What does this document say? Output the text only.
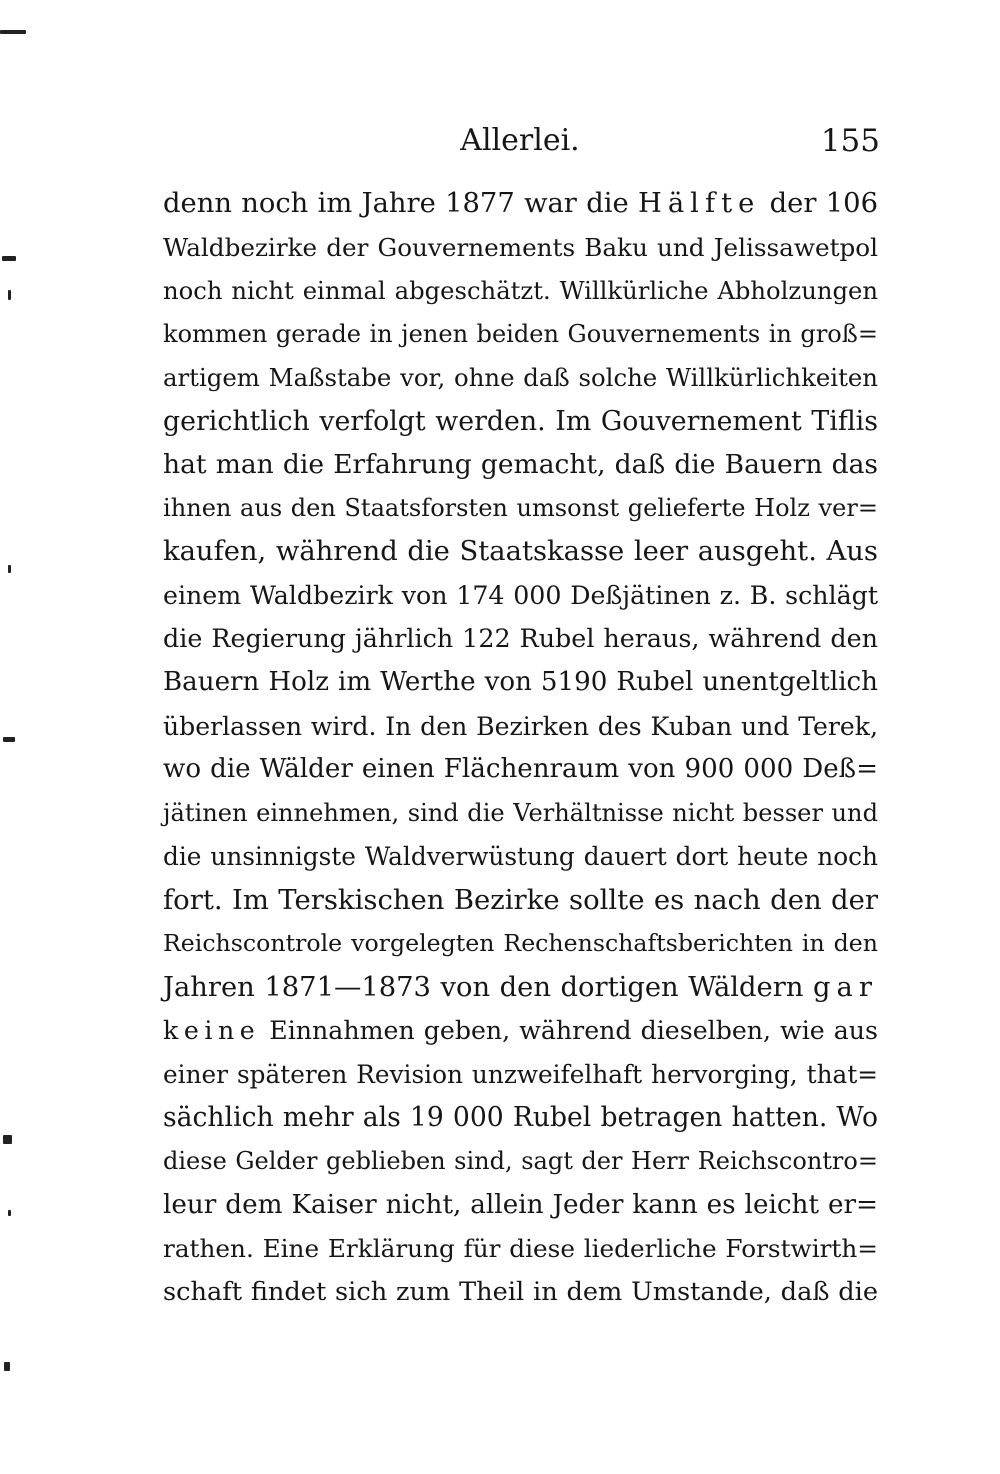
Allerlei.	155
denn noch im Jahre 1877 war die Hälfte der 106
Waldbezirke der Gouvernements Baku und Jelissawetpol
noch nicht einmal abgeschätzt. Willkürliche Abholzungen
kommen gerade in jenen beiden Gouvernements in groß=
artigem Maßstabe vor, ohne daß solche Willkürlichkeiten
gerichtlich verfolgt werden. Im Gouvernement Tiflis
hat man die Erfahrung gemacht, daß die Bauern das
ihnen aus den Staatsforsten umsonst gelieferte Holz ver=
kaufen, während die Staatskasse leer ausgeht. Aus
einem Waldbezirk von 174 000 Deßjätinen z. B. schlägt
die Regierung jährlich 122 Rubel heraus, während den
Bauern Holz im Werthe von 5190 Rubel unentgeltlich
überlassen wird. In den Bezirken des Kuban und Terek,
wo die Wälder einen Flächenraum von 900 000 Deß=
jätinen einnehmen, sind die Verhältnisse nicht besser und
die unsinnigste Waldverwüstung dauert dort heute noch
fort. Im Terskischen Bezirke sollte es nach den der
Reichscontrole vorgelegten Rechenschaftsberichten in den
Jahren 1871—1873 von den dortigen Wäldern gar
keine Einnahmen geben, während dieselben, wie aus
einer späteren Revision unzweifelhaft hervorging, that=
sächlich mehr als 19 000 Rubel betragen hatten. Wo
diese Gelder geblieben sind, sagt der Herr Reichscontro=
leur dem Kaiser nicht, allein Jeder kann es leicht er=
rathen. Eine Erklärung für diese liederliche Forstwirth=
schaft findet sich zum Theil in dem Umstande, daß die
